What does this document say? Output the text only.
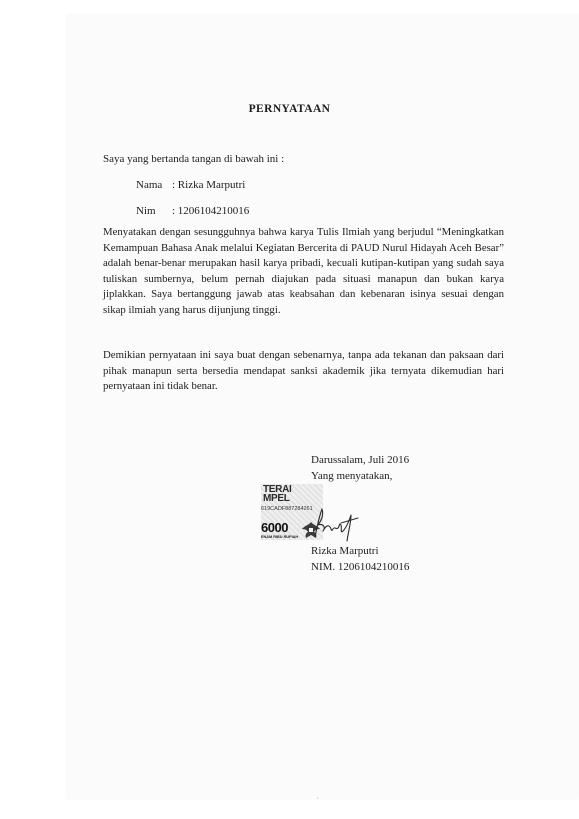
PERNYATAAN
Saya yang bertanda tangan di bawah ini :
Nama : Rizka Marputri
Nim : 1206104210016

Menyatakan dengan sesungguhnya bahwa karya Tulis Ilmiah yang berjudul “Meningkatkan Kemampuan Bahasa Anak melalui Kegiatan Bercerita di PAUD Nurul Hidayah Aceh Besar” adalah benar-benar merupakan hasil karya pribadi, kecuali kutipan-kutipan yang sudah saya tuliskan sumbernya, belum pernah diajukan pada situasi manapun dan bukan karya jiplakkan. Saya bertanggung jawab atas keabsahan dan kebenaran isinya sesuai dengan sikap ilmiah yang harus dijunjung tinggi.

Demikian pernyataan ini saya buat dengan sebenarnya, tanpa ada tekanan dan paksaan dari pihak manapun serta bersedia mendapat sanksi akademik jika ternyata dikemudian hari pernyataan ini tidak benar.

Darussalam, Juli 2016
Yang menyatakan,
TERAI
MPEL
619CADF887284261
6000
ENAM RIBU RUPIAH
Rizka Marputri
NIM. 1206104210016
·
